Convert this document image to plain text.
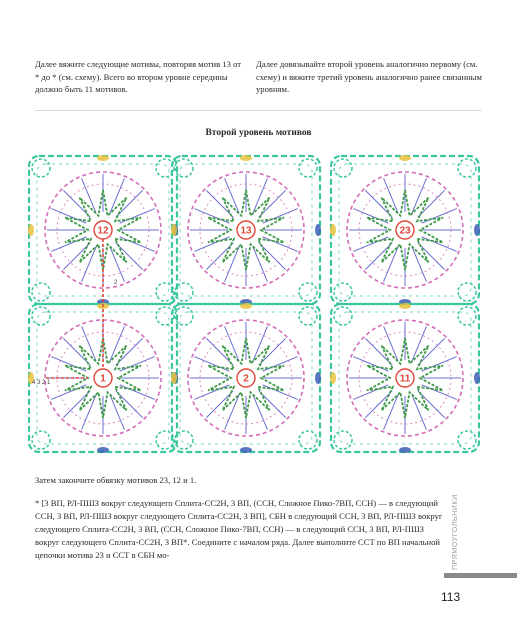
Далее вяжите следующие мотивы, повторяя мотив 13 от * до * (см. схему). Всего во втором уровне середины должно быть 11 мотивов.
Далее довязывайте второй уровень аналогично первому (см. схему) и вяжите третий уровень аналогично ранее связанным уровням.
Второй уровень мотивов
12	13	23
1	2	11
2
4 3 2 1
Затем закончите обвязку мотивов 23, 12 и 1.
* [3 ВП, РЛ-ПШЗ вокруг следующего Сплита-СС2Н, 3 ВП, (ССН, Сложное Пико-7ВП, ССН) — в следующий ССН, 3 ВП, РЛ-ПШЗ вокруг следующего Сплита-СС2Н, 3 ВП], СБН в следующий ССН, 3 ВП, РЛ-ПШЗ вокруг следующего Сплита-СС2Н, 3 ВП, (ССН, Сложное Пико-7ВП, ССН) — в следующий ССН, 3 ВП, РЛ-ПШЗ вокруг следующего Сплита-СС2Н, 3 ВП*. Соедините с началом ряда. Далее выполните ССТ по ВП начальной цепочки мотива 23 и ССТ в СБН мо-	ПРЯМОУГОЛЬНИКИ
113
